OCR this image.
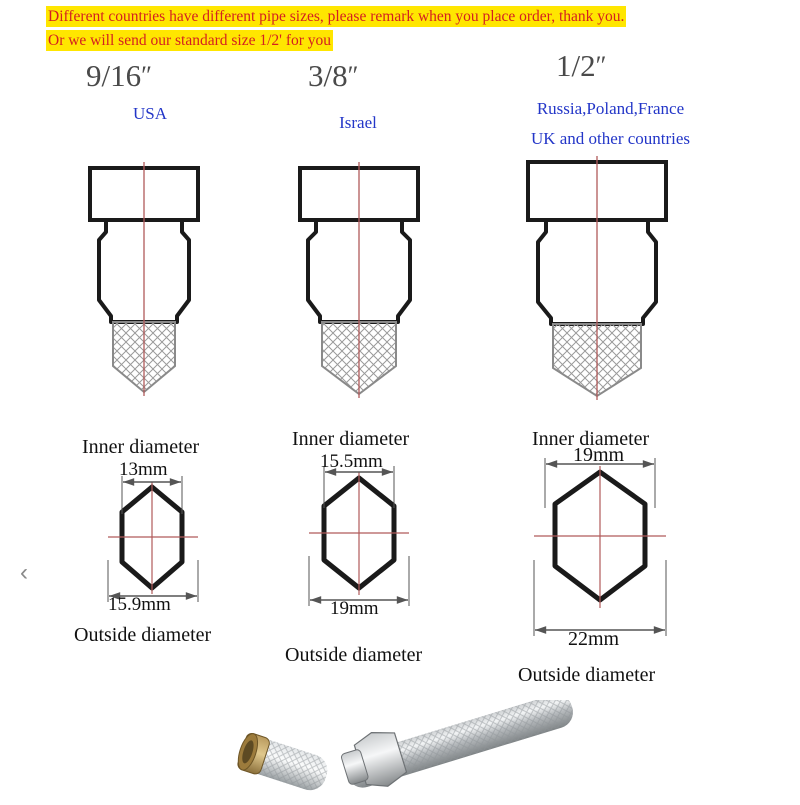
Different countries have different pipe sizes, please remark when you place order, thank you.
Or we will send our standard size 1/2' for you
9/16″
USA
3/8″
Israel
1/2″
Russia,Poland,France
UK and other countries
Inner diameter
13mm
15.9mm
Outside diameter
Inner diameter
15.5mm
19mm
Outside diameter
Inner diameter
19mm
22mm
Outside diameter
‹
